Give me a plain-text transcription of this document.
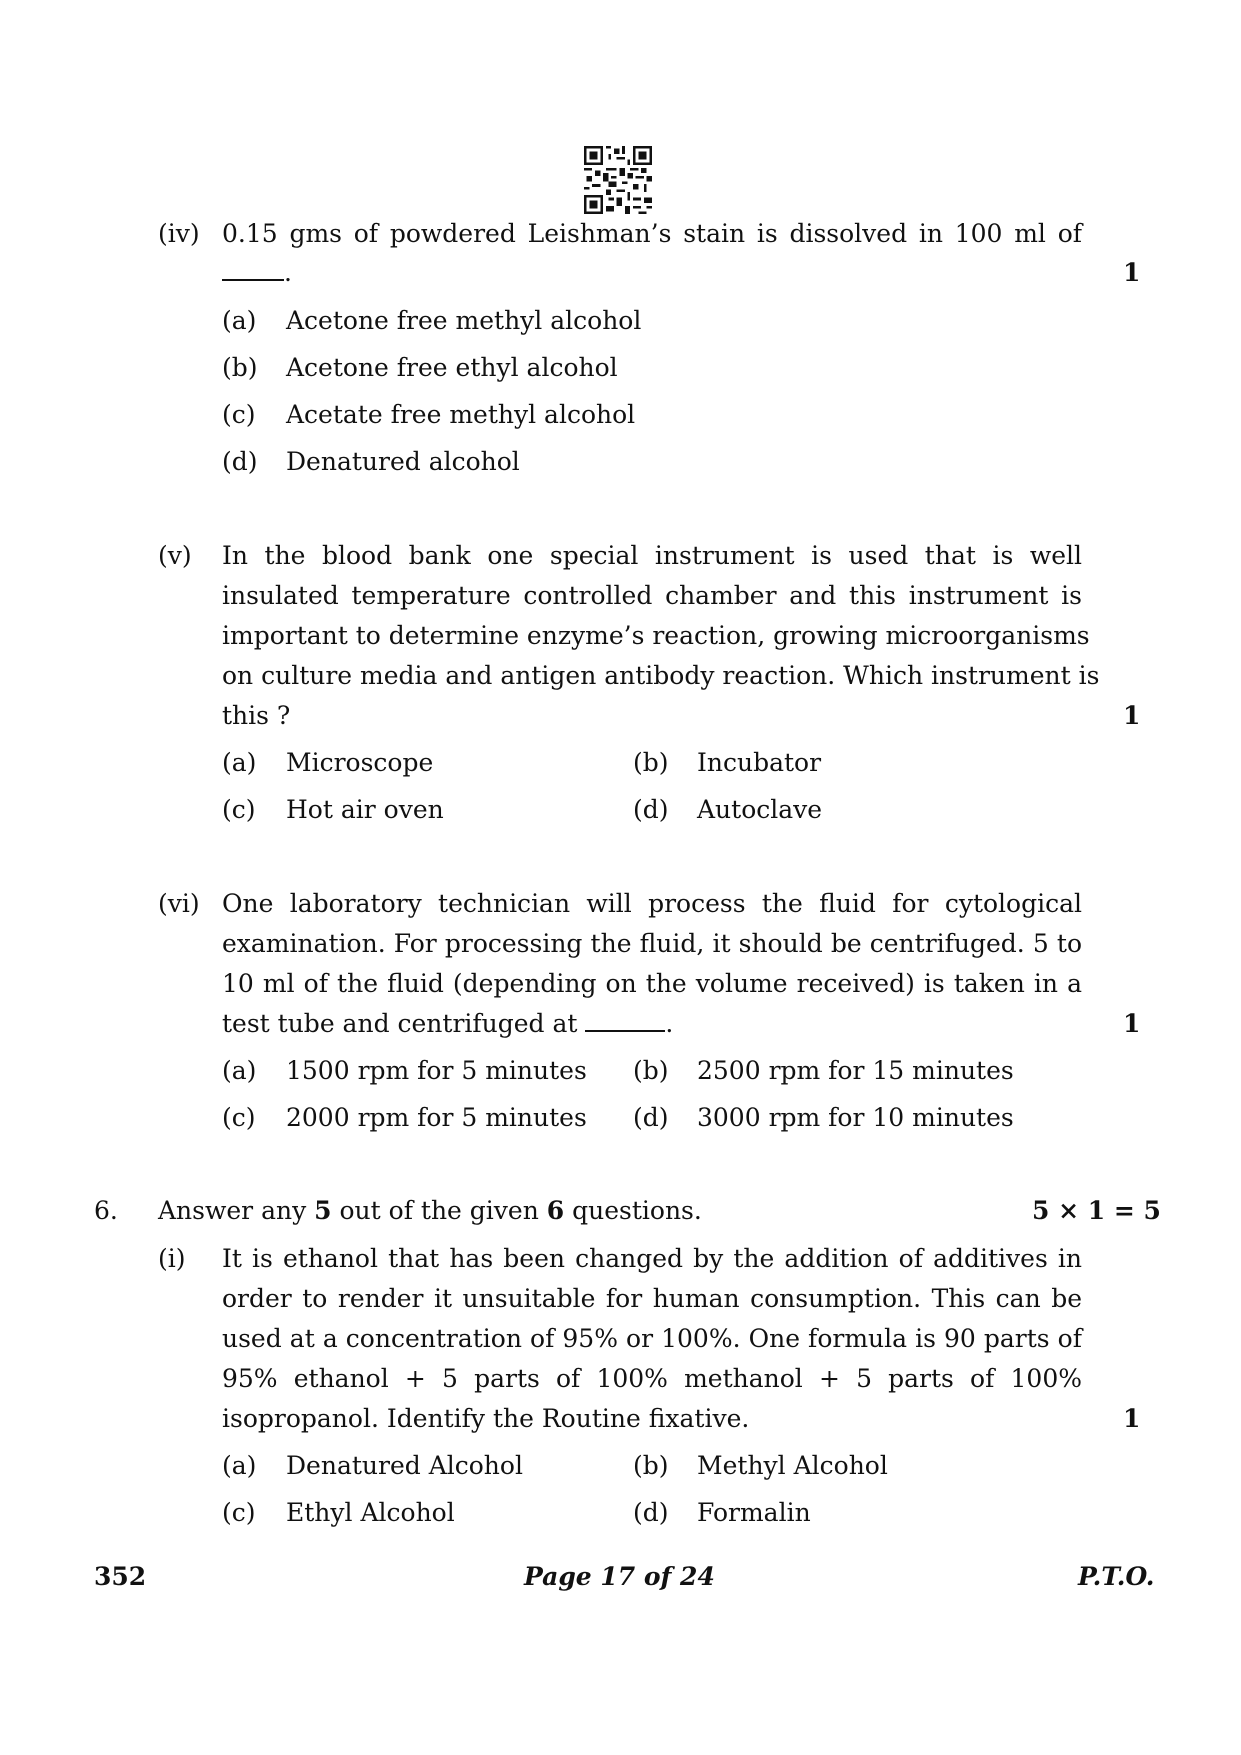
(iv) 0.15 gms of powdered Leishman’s stain is dissolved in 100 ml of
.	1
(a) Acetone free methyl alcohol
(b) Acetone free ethyl alcohol
(c) Acetate free methyl alcohol
(d) Denatured alcohol
(v) In the blood bank one special instrument is used that is well
insulated temperature controlled chamber and this instrument is
important to determine enzyme’s reaction, growing microorganisms
on culture media and antigen antibody reaction. Which instrument is
this ?	1
(a) Microscope	(b) Incubator
(c) Hot air oven	(d) Autoclave
(vi) One laboratory technician will process the fluid for cytological
examination. For processing the fluid, it should be centrifuged. 5 to
10 ml of the fluid (depending on the volume received) is taken in a
test tube and centrifuged at	.	1
(a) 1500 rpm for 5 minutes (b) 2500 rpm for 15 minutes
(c) 2000 rpm for 5 minutes (d) 3000 rpm for 10 minutes
6. Answer any 5 out of the given 6 questions.	5 × 1 = 5
(i) It is ethanol that has been changed by the addition of additives in
order to render it unsuitable for human consumption. This can be
used at a concentration of 95% or 100%. One formula is 90 parts of
95% ethanol + 5 parts of 100% methanol + 5 parts of 100%
isopropanol. Identify the Routine fixative.	1
(a) Denatured Alcohol	(b) Methyl Alcohol
(c) Ethyl Alcohol	(d) Formalin
352	Page 17 of 24	P.T.O.
